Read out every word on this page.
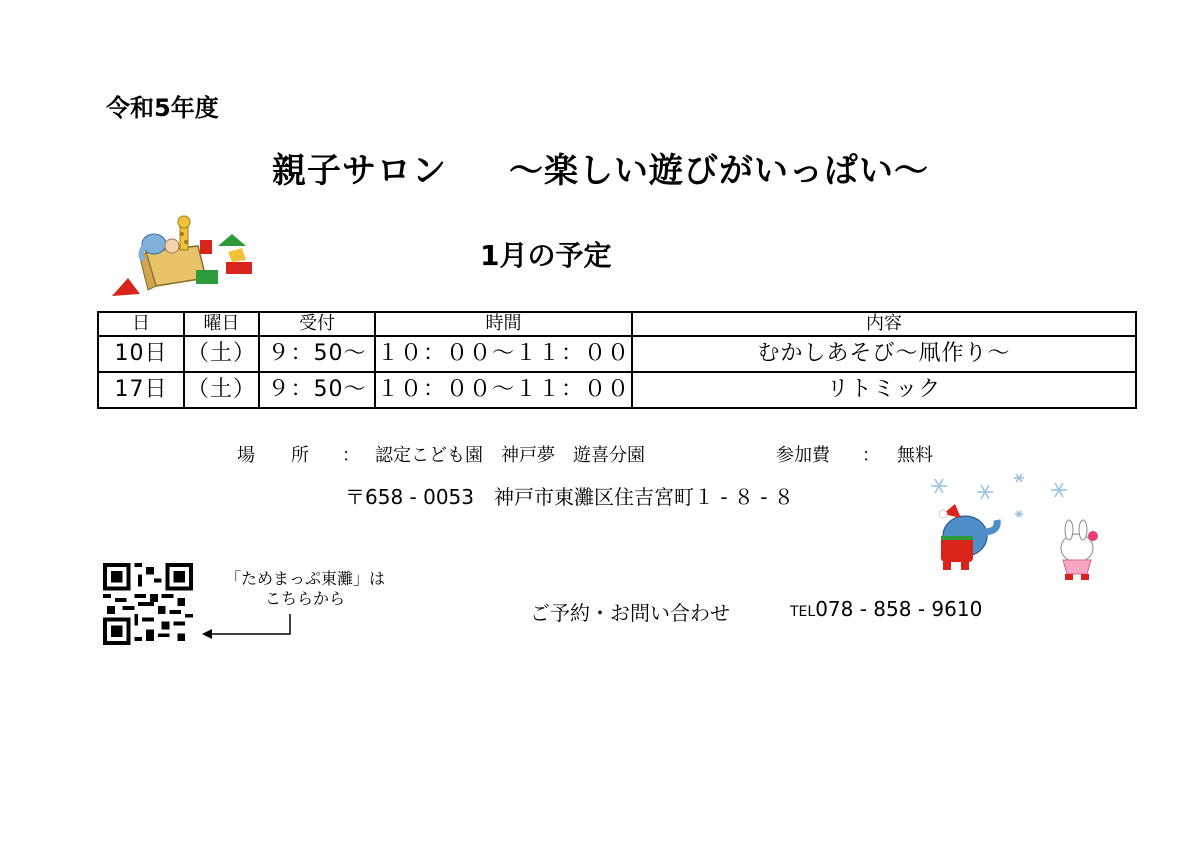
令和5年度
親子サロン ～楽しい遊びがいっぱい～
1月の予定
日	曜日	受付	時間	内容
10日	（土）	９：50～	１０：００～１１：００	むかしあそび～凧作り～
17日	（土）	９：50～	１０：００～１１：００	リトミック
場　　所 ： 認定こども園　神戸夢　遊喜分園	参加費 ： 無料
〒658 - 0053　神戸市東灘区住吉宮町１ - ８ - ８
「ためまっぷ東灘」は
こちらから
ご予約・お問い合わせ	TEL078 - 858 - 9610
